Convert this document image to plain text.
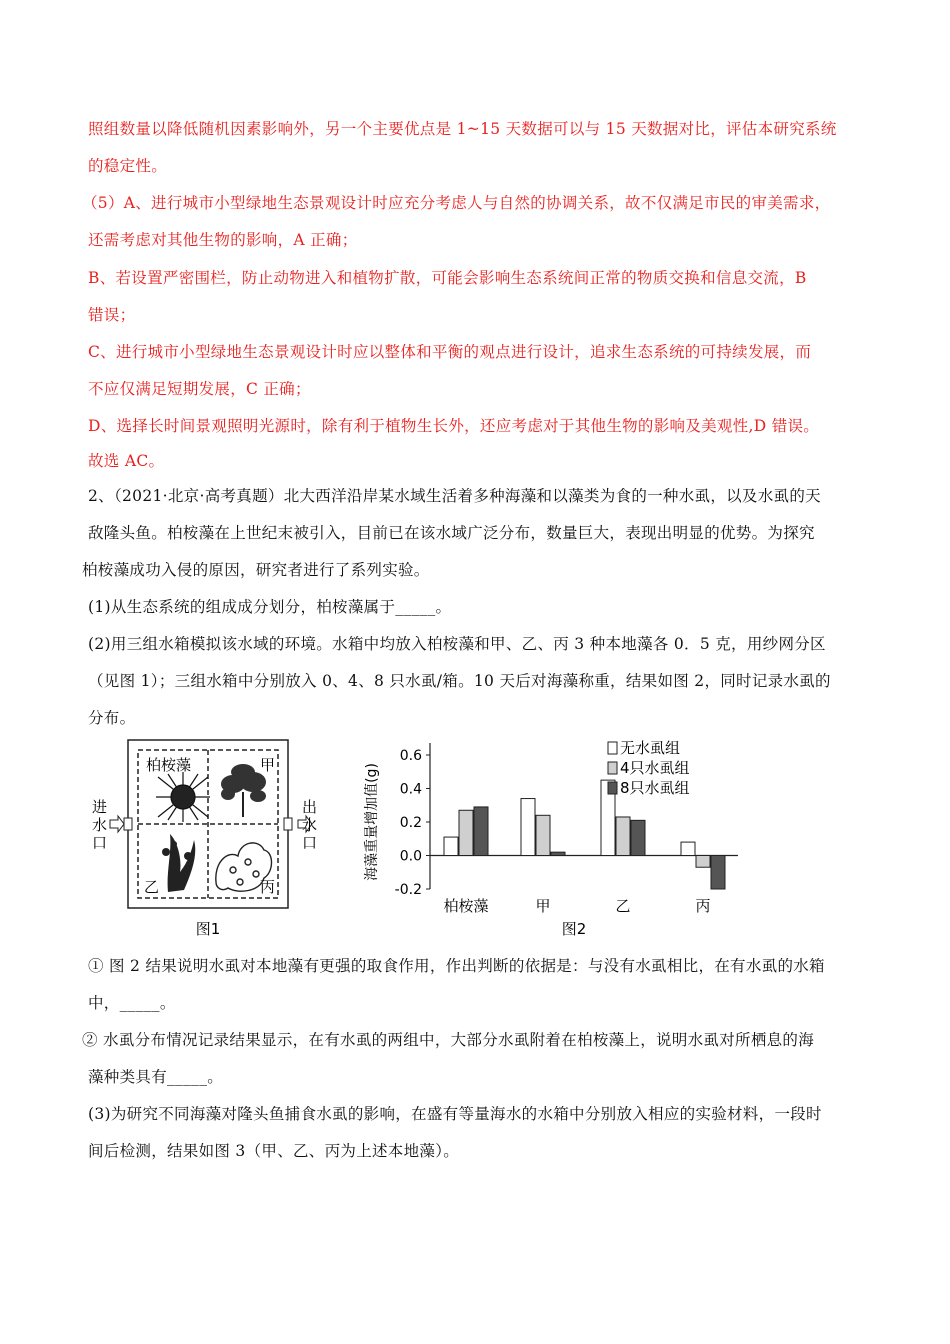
照组数量以降低随机因素影响外，另一个主要优点是 1~15 天数据可以与 15 天数据对比，评估本研究系统
的稳定性。
（5）A、进行城市小型绿地生态景观设计时应充分考虑人与自然的协调关系，故不仅满足市民的审美需求，
还需考虑对其他生物的影响，A 正确；
B、若设置严密围栏，防止动物进入和植物扩散，可能会影响生态系统间正常的物质交换和信息交流，B
错误；
C、进行城市小型绿地生态景观设计时应以整体和平衡的观点进行设计，追求生态系统的可持续发展，而
不应仅满足短期发展，C 正确；
D、选择长时间景观照明光源时，除有利于植物生长外，还应考虑对于其他生物的影响及美观性,D 错误。
故选 AC。
2、（2021·北京·高考真题）北大西洋沿岸某水域生活着多种海藻和以藻类为食的一种水虱，以及水虱的天
敌隆头鱼。柏桉藻在上世纪末被引入，目前已在该水域广泛分布，数量巨大，表现出明显的优势。为探究
柏桉藻成功入侵的原因，研究者进行了系列实验。
(1)从生态系统的组成成分划分，柏桉藻属于_____。
(2)用三组水箱模拟该水域的环境。水箱中均放入柏桉藻和甲、乙、丙 3 种本地藻各 0．5 克，用纱网分区
（见图 1）；三组水箱中分别放入 0、4、8 只水虱/箱。10 天后对海藻称重，结果如图 2，同时记录水虱的
分布。
柏桉藻	甲
乙	丙
进
水
口
出
水
口
图1
0.6
0.4
0.2
0.0
-0.2
海藻重量增加值(g)
柏桉藻	甲	乙	丙
无水虱组
4只水虱组
8只水虱组
图2
① 图 2 结果说明水虱对本地藻有更强的取食作用，作出判断的依据是：与没有水虱相比，在有水虱的水箱
中，_____。
② 水虱分布情况记录结果显示，在有水虱的两组中，大部分水虱附着在柏桉藻上，说明水虱对所栖息的海
藻种类具有_____。
(3)为研究不同海藻对隆头鱼捕食水虱的影响，在盛有等量海水的水箱中分别放入相应的实验材料，一段时
间后检测，结果如图 3（甲、乙、丙为上述本地藻）。
